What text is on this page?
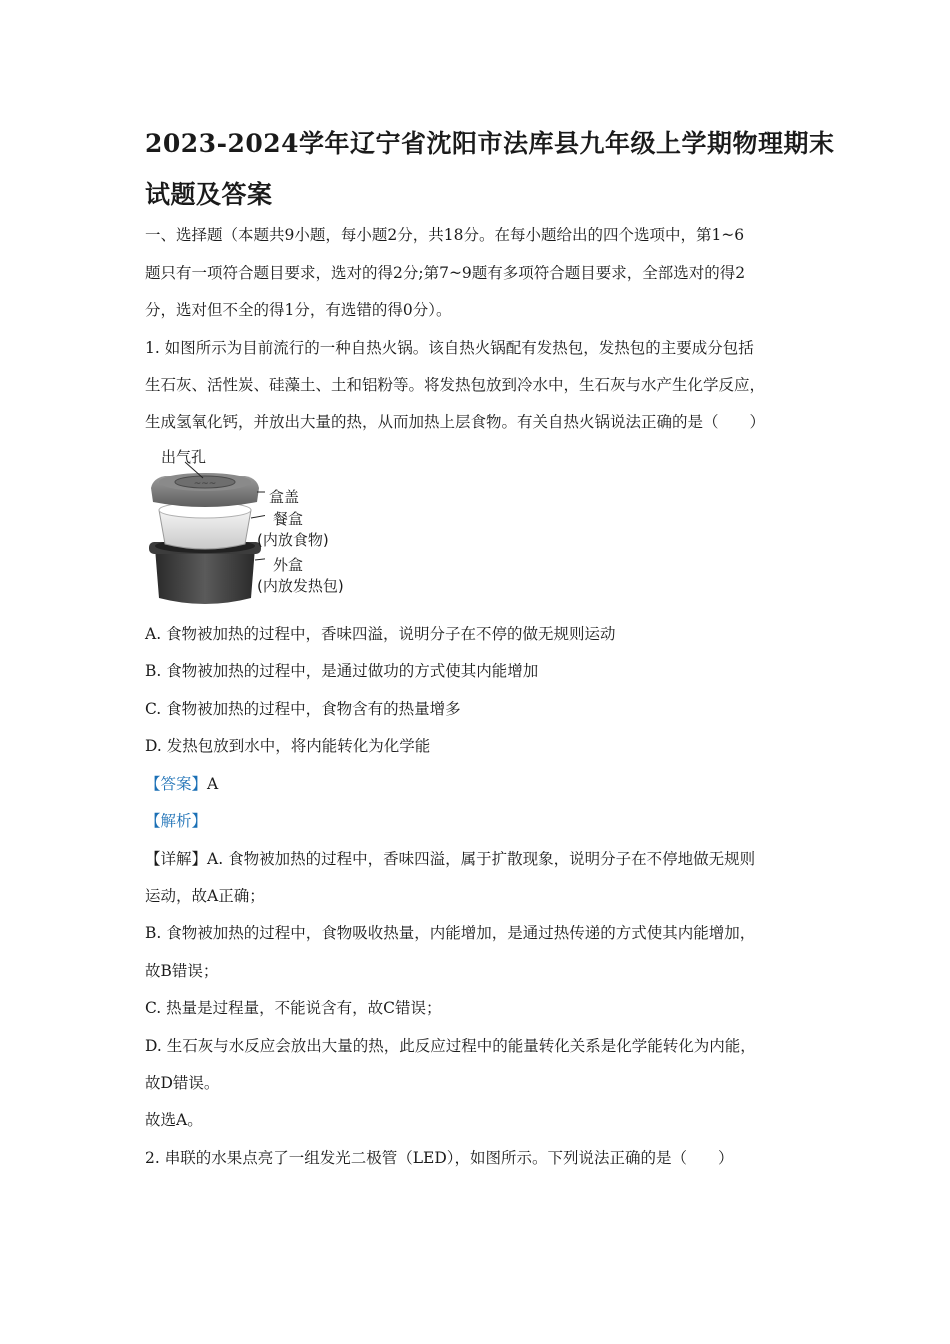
2023-2024学年辽宁省沈阳市法库县九年级上学期物理期末
试题及答案
一、选择题（本题共9小题，每小题2分，共18分。在每小题给出的四个选项中，第1~6
题只有一项符合题目要求，选对的得2分;第7~9题有多项符合题目要求，全部选对的得2
分，选对但不全的得1分，有选错的得0分）。
1. 如图所示为目前流行的一种自热火锅。该自热火锅配有发热包，发热包的主要成分包括
生石灰、活性炭、硅藻土、土和铝粉等。将发热包放到冷水中，生石灰与水产生化学反应，
生成氢氧化钙，并放出大量的热，从而加热上层食物。有关自热火锅说法正确的是（　　）
~~~
出气孔
盒盖
餐盒
(内放食物)
外盒
(内放发热包)
A. 食物被加热的过程中，香味四溢，说明分子在不停的做无规则运动
B. 食物被加热的过程中，是通过做功的方式使其内能增加
C. 食物被加热的过程中，食物含有的热量增多
D. 发热包放到水中，将内能转化为化学能
【答案】A
【解析】
【详解】A. 食物被加热的过程中，香味四溢，属于扩散现象，说明分子在不停地做无规则
运动，故A正确；
B. 食物被加热的过程中，食物吸收热量，内能增加，是通过热传递的方式使其内能增加，
故B错误；
C. 热量是过程量，不能说含有，故C错误；
D. 生石灰与水反应会放出大量的热，此反应过程中的能量转化关系是化学能转化为内能，
故D错误。
故选A。
2. 串联的水果点亮了一组发光二极管（LED），如图所示。下列说法正确的是（　　）
